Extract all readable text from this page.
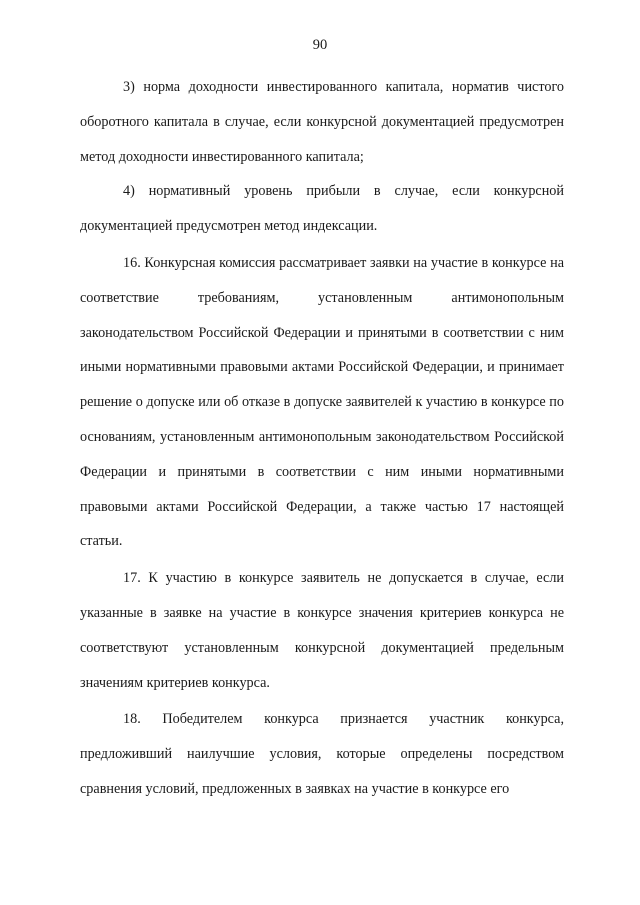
90

3) норма доходности инвестированного капитала, норматив чистого оборотного капитала в случае, если конкурсной документацией предусмотрен метод доходности инвестированного капитала;

4) нормативный уровень прибыли в случае, если конкурсной документацией предусмотрен метод индексации.

16. Конкурсная комиссия рассматривает заявки на участие в конкурсе на соответствие требованиям, установленным антимонопольным законодательством Российской Федерации и принятыми в соответствии с ним иными нормативными правовыми актами Российской Федерации, и принимает решение о допуске или об отказе в допуске заявителей к участию в конкурсе по основаниям, установленным антимонопольным законодательством Российской Федерации и принятыми в соответствии с ним иными нормативными правовыми актами Российской Федерации, а также частью 17 настоящей статьи.

17. К участию в конкурсе заявитель не допускается в случае, если указанные в заявке на участие в конкурсе значения критериев конкурса не соответствуют установленным конкурсной документацией предельным значениям критериев конкурса.

18. Победителем конкурса признается участник конкурса, предложивший наилучшие условия, которые определены посредством сравнения условий, предложенных в заявках на участие в конкурсе его
